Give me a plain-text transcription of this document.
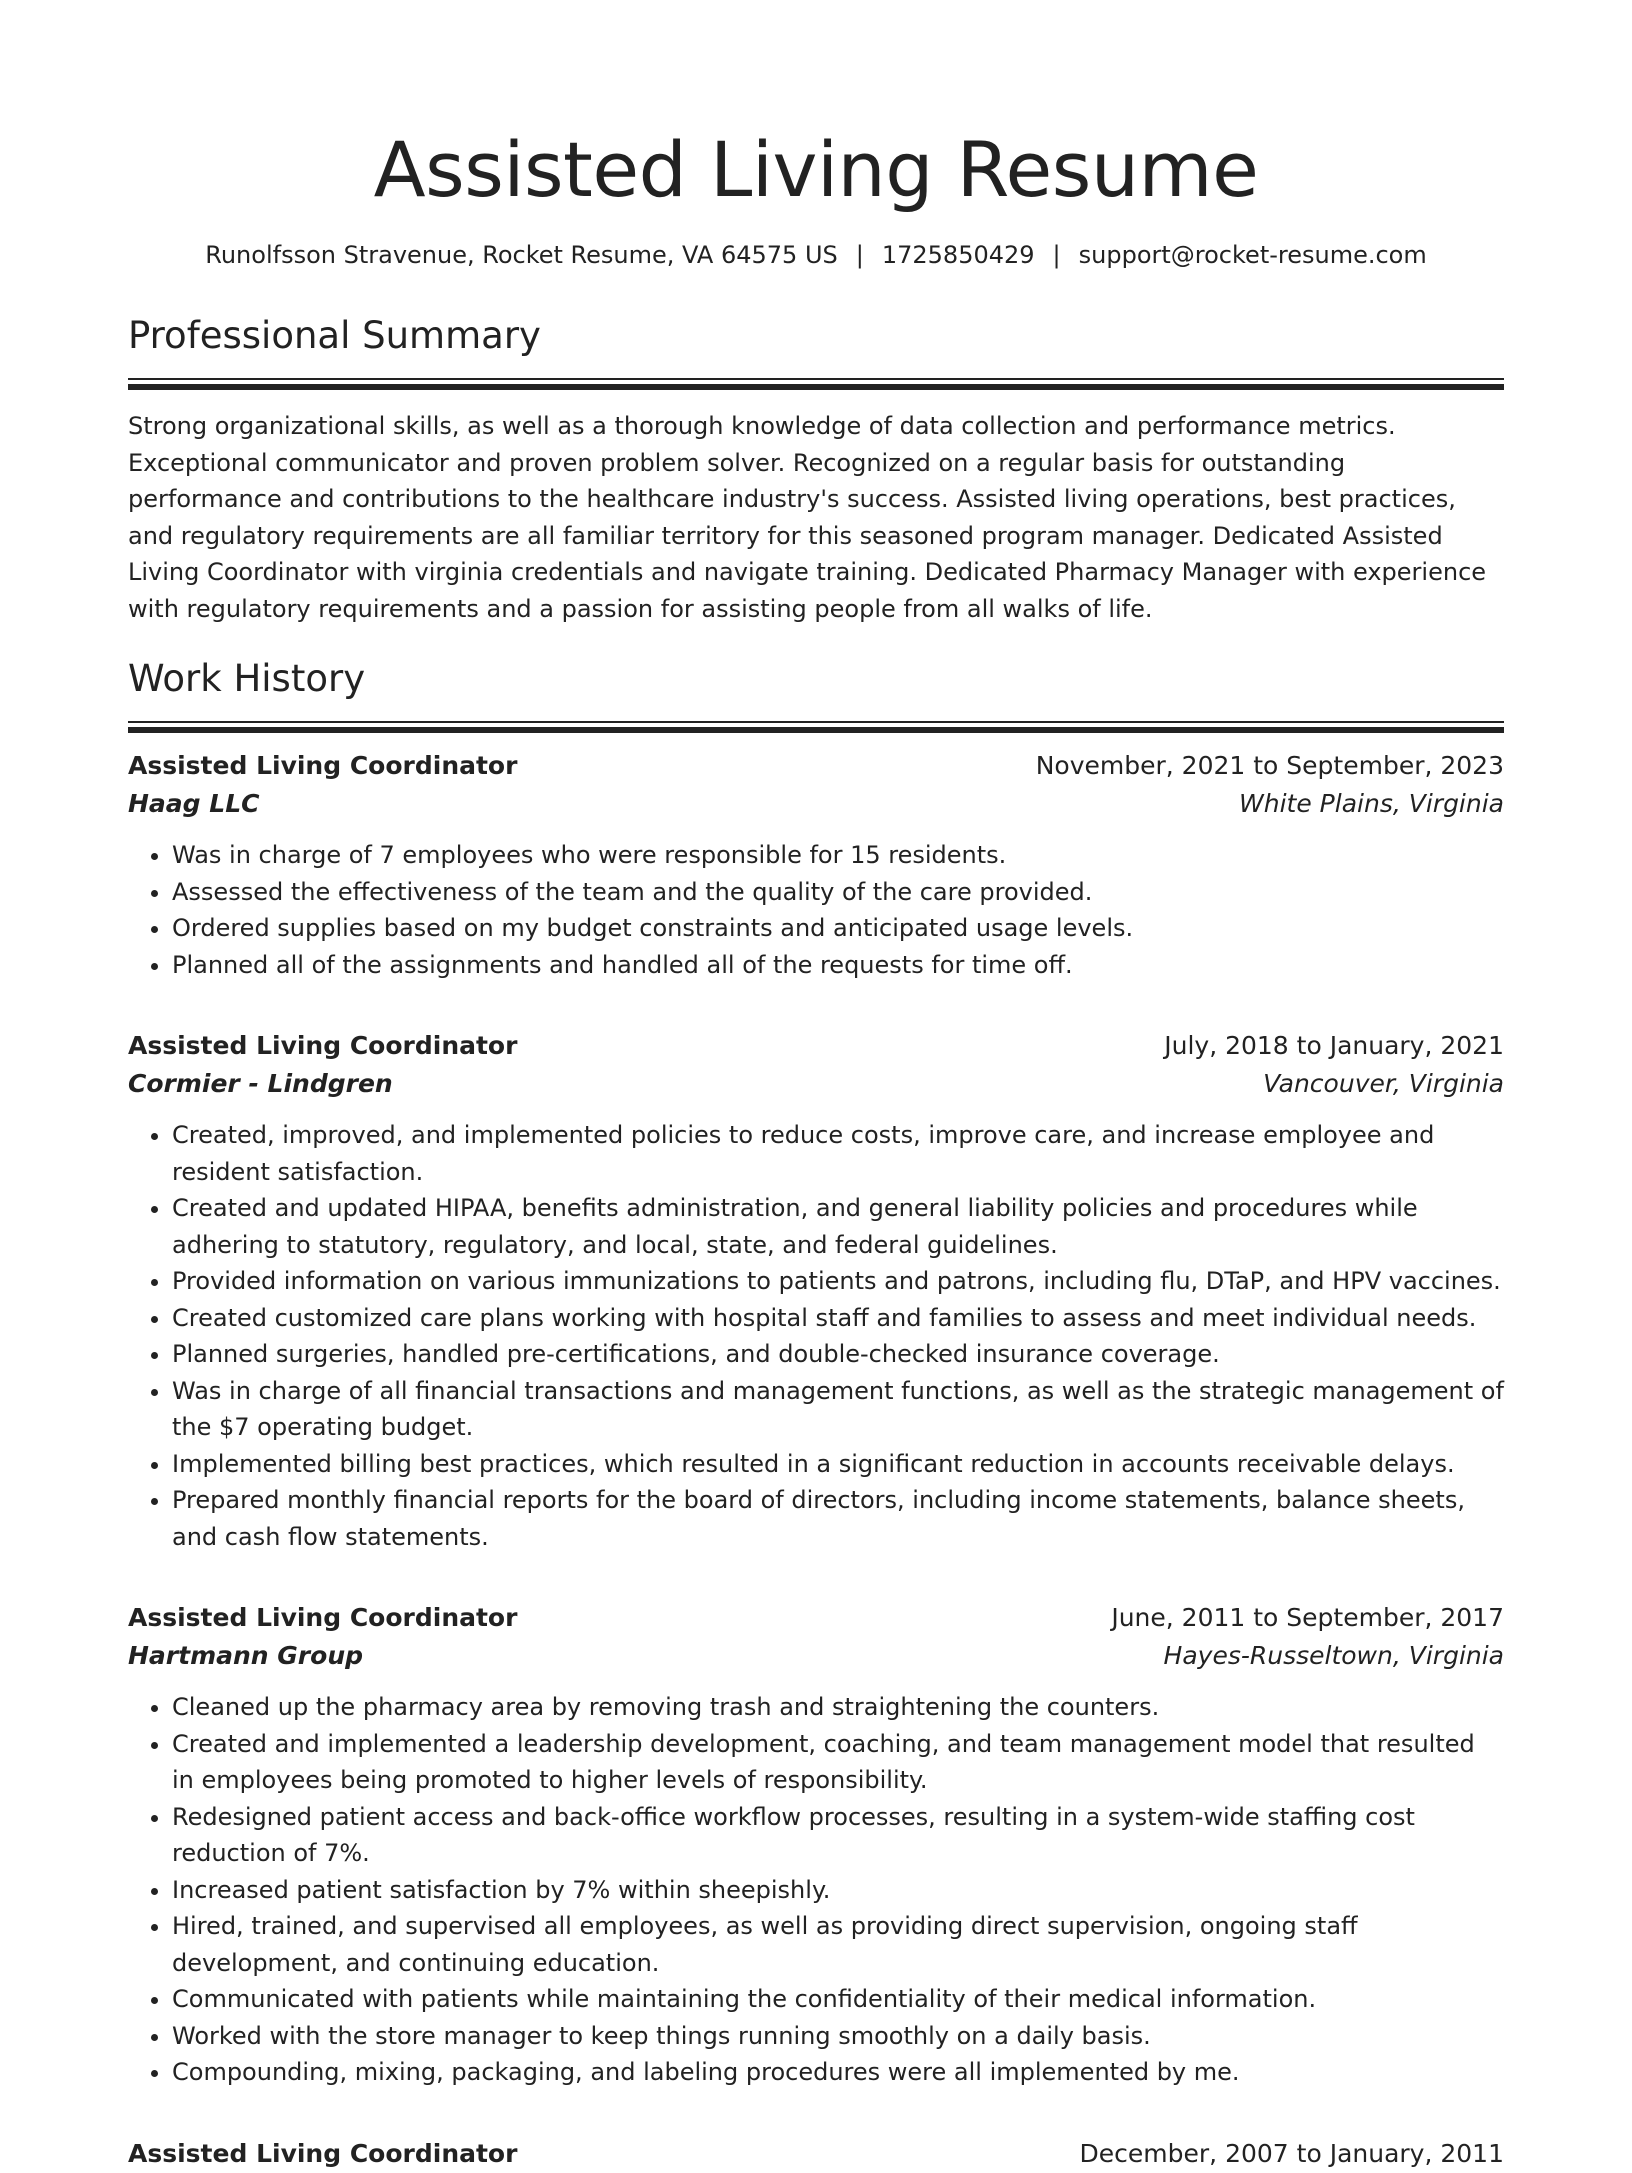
Assisted Living Resume
Runolfsson Stravenue, Rocket Resume, VA 64575 US | 1725850429 | support@rocket-resume.com
Professional Summary

Strong organizational skills, as well as a thorough knowledge of data collection and performance metrics. Exceptional communicator and proven problem solver. Recognized on a regular basis for outstanding performance and contributions to the healthcare industry's success. Assisted living operations, best practices, and regulatory requirements are all familiar territory for this seasoned program manager. Dedicated Assisted Living Coordinator with virginia credentials and navigate training. Dedicated Pharmacy Manager with experience with regulatory requirements and a passion for assisting people from all walks of life.

Work History
Assisted Living Coordinator	November, 2021 to September, 2023
Haag LLC	White Plains, Virginia
• Was in charge of 7 employees who were responsible for 15 residents.
• Assessed the effectiveness of the team and the quality of the care provided.
• Ordered supplies based on my budget constraints and anticipated usage levels.
• Planned all of the assignments and handled all of the requests for time off.
Assisted Living Coordinator	July, 2018 to January, 2021
Cormier - Lindgren	Vancouver, Virginia
• Created, improved, and implemented policies to reduce costs, improve care, and increase employee and resident satisfaction.
• Created and updated HIPAA, benefits administration, and general liability policies and procedures while adhering to statutory, regulatory, and local, state, and federal guidelines.
• Provided information on various immunizations to patients and patrons, including flu, DTaP, and HPV vaccines.
• Created customized care plans working with hospital staff and families to assess and meet individual needs.
• Planned surgeries, handled pre-certifications, and double-checked insurance coverage.
• Was in charge of all financial transactions and management functions, as well as the strategic management of the $7 operating budget.
• Implemented billing best practices, which resulted in a significant reduction in accounts receivable delays.
• Prepared monthly financial reports for the board of directors, including income statements, balance sheets, and cash flow statements.
Assisted Living Coordinator	June, 2011 to September, 2017
Hartmann Group	Hayes-Russeltown, Virginia
• Cleaned up the pharmacy area by removing trash and straightening the counters.
• Created and implemented a leadership development, coaching, and team management model that resulted in employees being promoted to higher levels of responsibility.
• Redesigned patient access and back-office workflow processes, resulting in a system-wide staffing cost reduction of 7%.
• Increased patient satisfaction by 7% within sheepishly.
• Hired, trained, and supervised all employees, as well as providing direct supervision, ongoing staff development, and continuing education.
• Communicated with patients while maintaining the confidentiality of their medical information.
• Worked with the store manager to keep things running smoothly on a daily basis.
• Compounding, mixing, packaging, and labeling procedures were all implemented by me.
Assisted Living Coordinator	December, 2007 to January, 2011
